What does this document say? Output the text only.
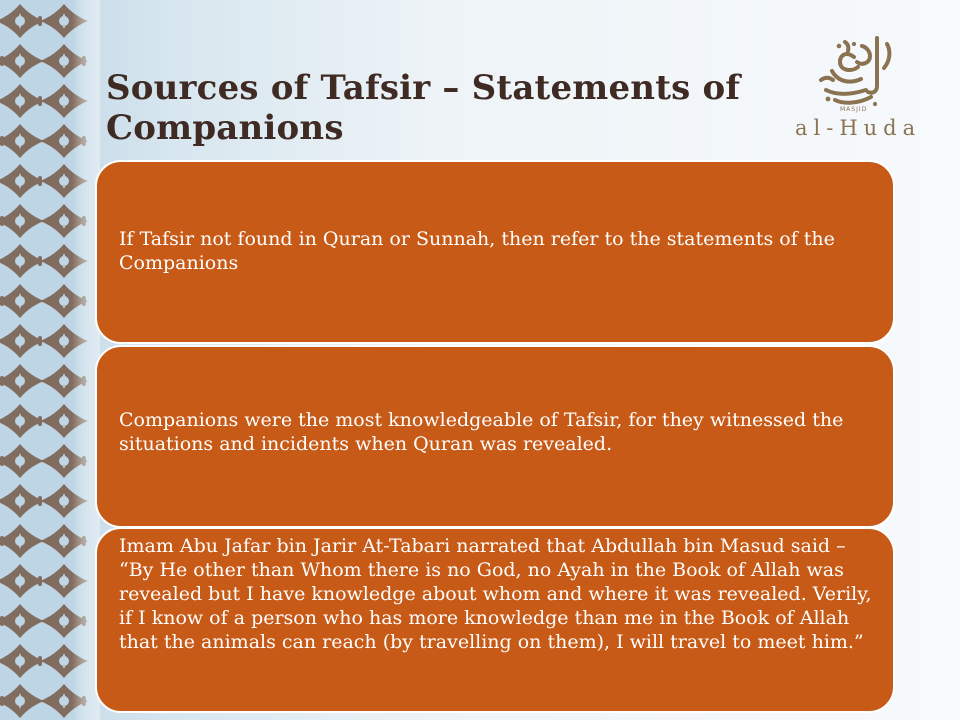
Sources of Tafsir – Statements of Companions	MASJID
al-Huda

If Tafsir not found in Quran or Sunnah, then refer to the statements of the Companions

Companions were the most knowledgeable of Tafsir, for they witnessed the situations and incidents when Quran was revealed.

Imam Abu Jafar bin Jarir At-Tabari narrated that Abdullah bin Masud said – “By He other than Whom there is no God, no Ayah in the Book of Allah was revealed but I have knowledge about whom and where it was revealed. Verily, if I know of a person who has more knowledge than me in the Book of Allah that the animals can reach (by travelling on them), I will travel to meet him.”
